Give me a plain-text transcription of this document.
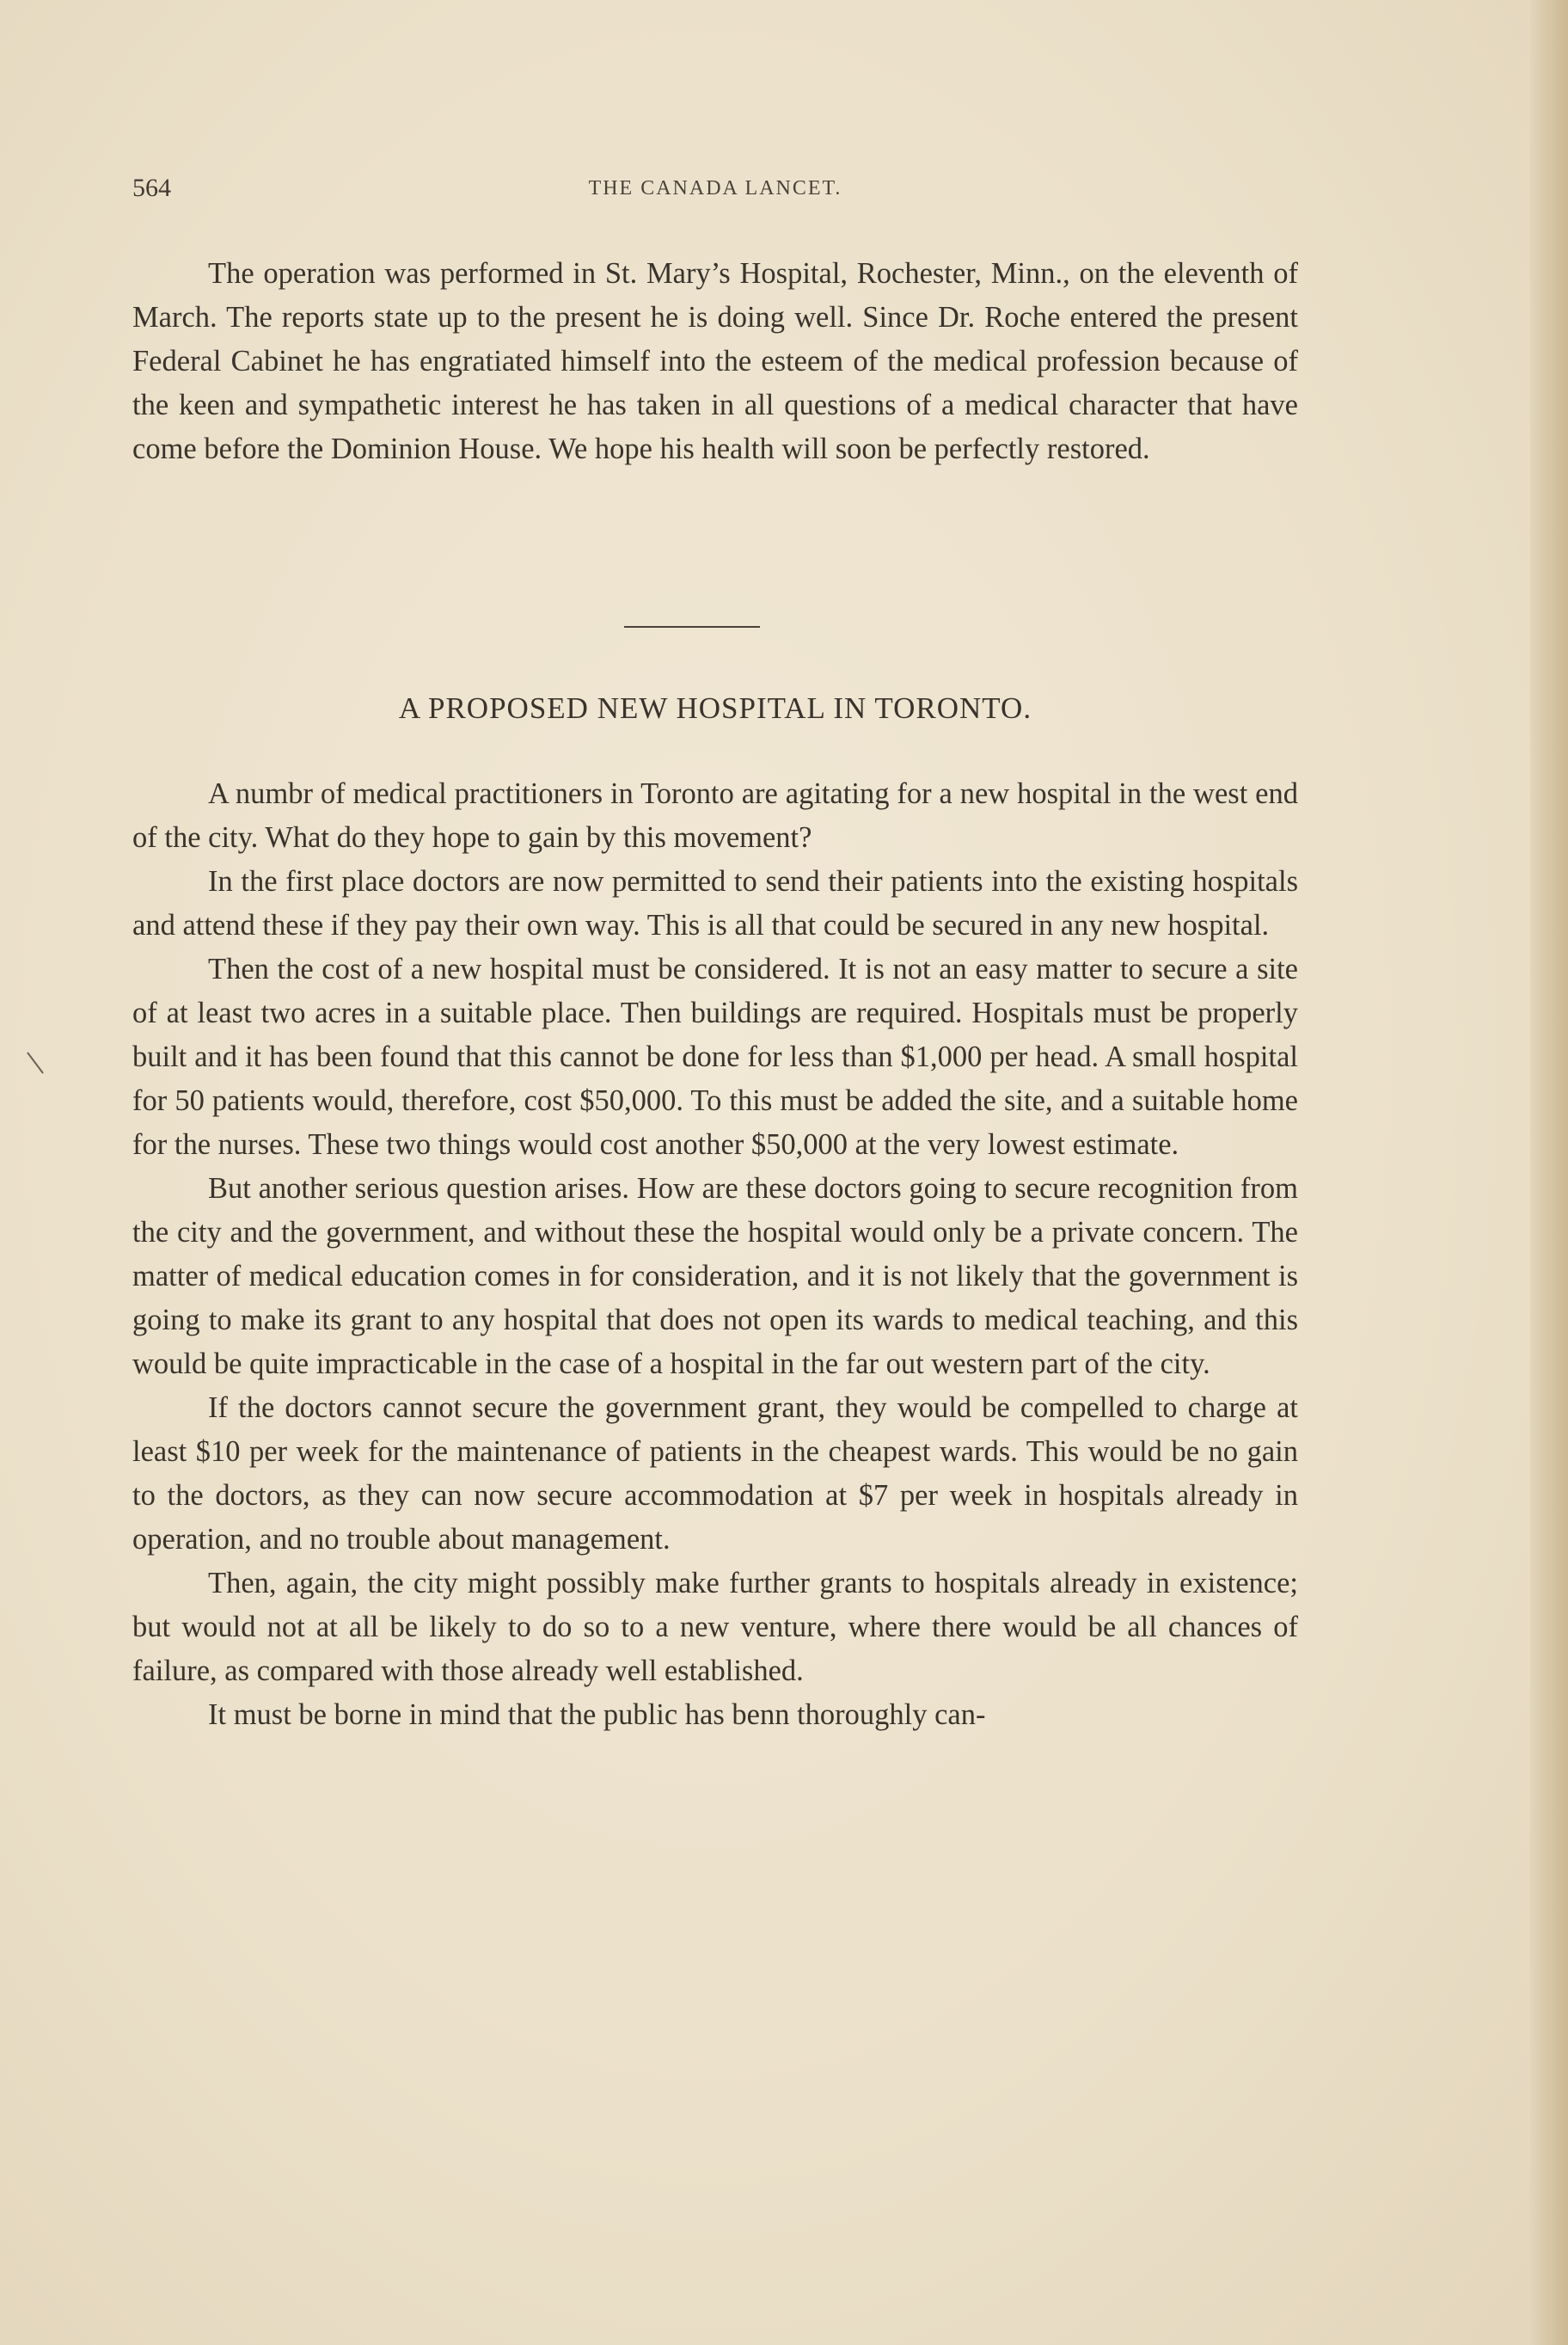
564	THE CANADA LANCET.

The operation was performed in St. Mary’s Hospital, Rochester, Minn., on the eleventh of March. The reports state up to the present he is doing well. Since Dr. Roche entered the present Federal Cabinet he has engratiated himself into the esteem of the medical profession because of the keen and sympathetic interest he has taken in all questions of a medical character that have come before the Dominion House. We hope his health will soon be perfectly restored.

A PROPOSED NEW HOSPITAL IN TORONTO.

A numbr of medical practitioners in Toronto are agitating for a new hospital in the west end of the city. What do they hope to gain by this movement?

In the first place doctors are now permitted to send their patients into the existing hospitals and attend these if they pay their own way. This is all that could be secured in any new hospital.

Then the cost of a new hospital must be considered. It is not an easy matter to secure a site of at least two acres in a suitable place. Then buildings are required. Hospitals must be properly built and it has been found that this cannot be done for less than $1,000 per head. A small hospital for 50 patients would, therefore, cost $50,000. To this must be added the site, and a suitable home for the nurses. These two things would cost another $50,000 at the very lowest estimate.

But another serious question arises. How are these doctors going to secure recognition from the city and the government, and without these the hospital would only be a private concern. The matter of medical education comes in for consideration, and it is not likely that the government is going to make its grant to any hospital that does not open its wards to medical teaching, and this would be quite impracticable in the case of a hospital in the far out western part of the city.

If the doctors cannot secure the government grant, they would be compelled to charge at least $10 per week for the maintenance of patients in the cheapest wards. This would be no gain to the doctors, as they can now secure accommodation at $7 per week in hospitals already in operation, and no trouble about management.

Then, again, the city might possibly make further grants to hospitals already in existence; but would not at all be likely to do so to a new venture, where there would be all chances of failure, as compared with those already well established.

It must be borne in mind that the public has benn thoroughly can-
